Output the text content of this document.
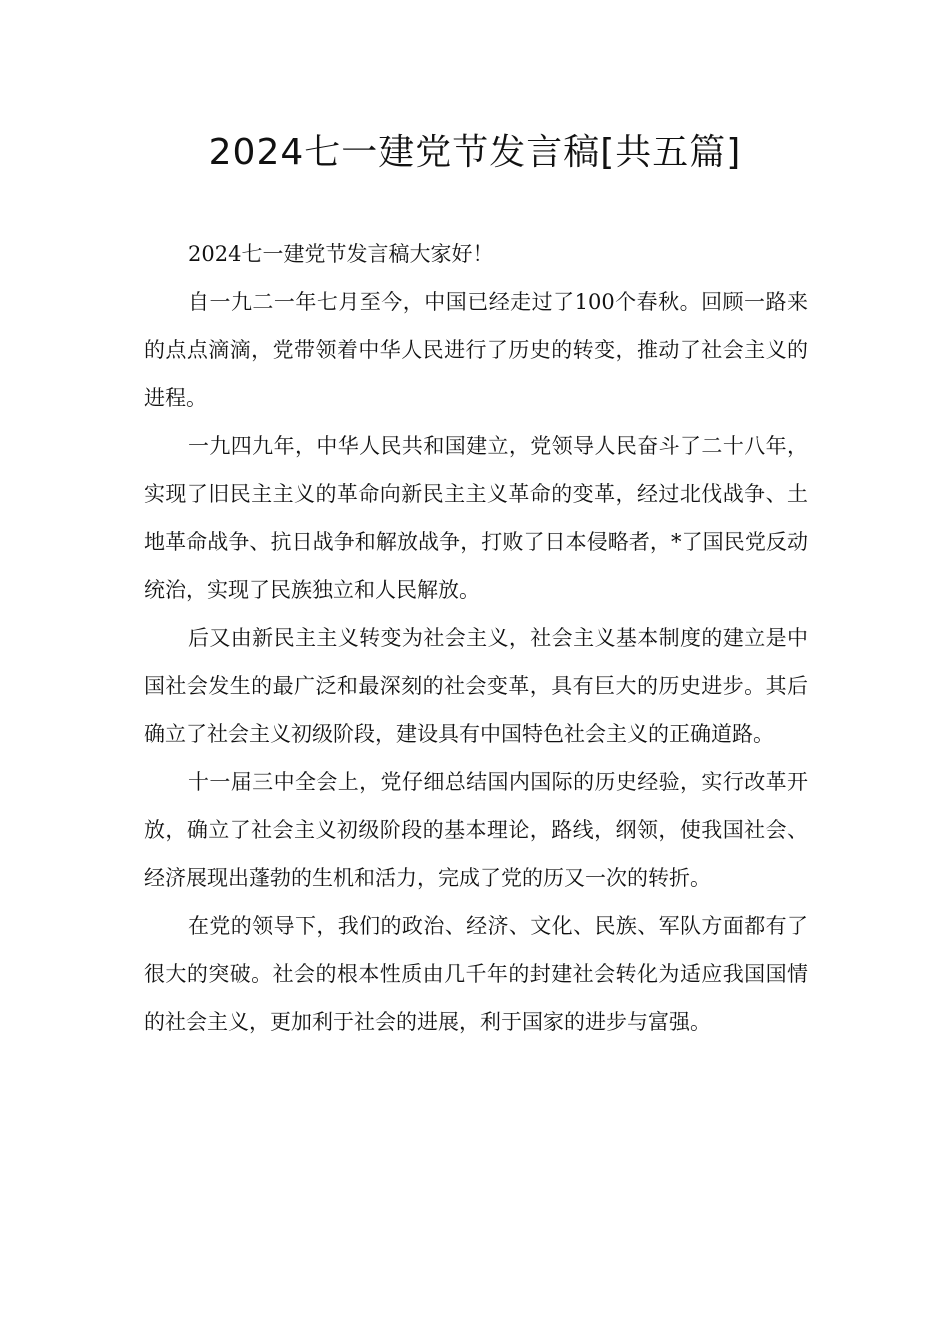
2024七一建党节发言稿[共五篇]

2024七一建党节发言稿大家好！

自一九二一年七月至今，中国已经走过了100个春秋。回顾一路来的点点滴滴，党带领着中华人民进行了历史的转变，推动了社会主义的进程。

一九四九年，中华人民共和国建立，党领导人民奋斗了二十八年，实现了旧民主主义的革命向新民主主义革命的变革，经过北伐战争、土地革命战争、抗日战争和解放战争，打败了日本侵略者，*了国民党反动统治，实现了民族独立和人民解放。

后又由新民主主义转变为社会主义，社会主义基本制度的建立是中国社会发生的最广泛和最深刻的社会变革，具有巨大的历史进步。其后确立了社会主义初级阶段，建设具有中国特色社会主义的正确道路。

十一届三中全会上，党仔细总结国内国际的历史经验，实行改革开放，确立了社会主义初级阶段的基本理论，路线，纲领，使我国社会、经济展现出蓬勃的生机和活力，完成了党的历又一次的转折。

在党的领导下，我们的政治、经济、文化、民族、军队方面都有了很大的突破。社会的根本性质由几千年的封建社会转化为适应我国国情的社会主义，更加利于社会的进展，利于国家的进步与富强。
